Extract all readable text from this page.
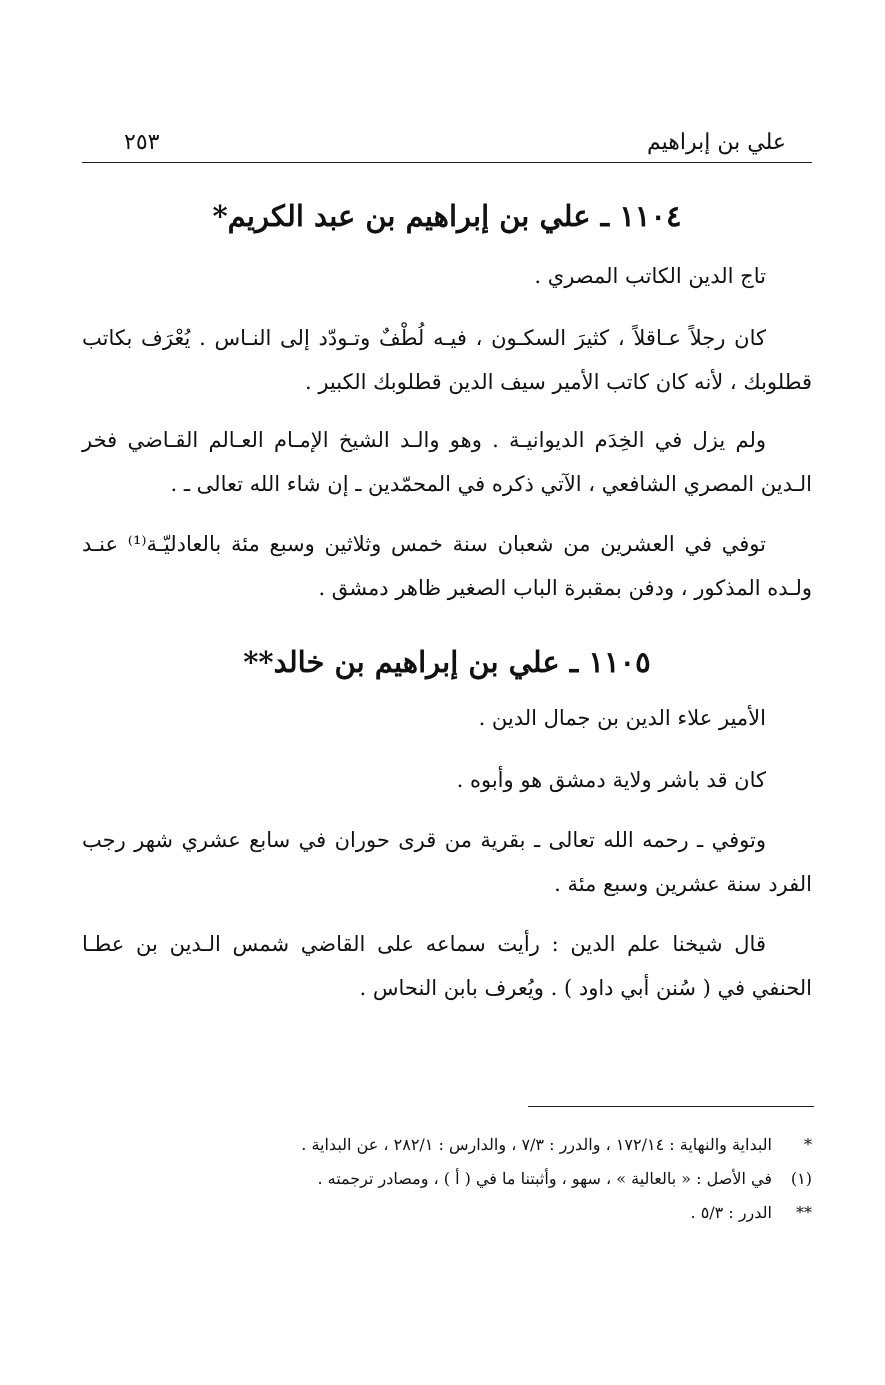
علي بن إبراهيم
٢٥٣
١١٠٤ ـ علي بن إبراهيم بن عبد الكريم*

تاج الدين الكاتب المصري .

كان رجلاً عـاقلاً ، كثيرَ السكـون ، فيـه لُطْفٌ وتـودّد إلى النـاس . يُعْرَف بكاتب قطلوبك ، لأنه كان كاتب الأمير سيف الدين قطلوبك الكبير .

ولم يزل في الخِدَم الديوانيـة . وهو والـد الشيخ الإمـام العـالم القـاضي فخر الـدين المصري الشافعي ، الآتي ذكره في المحمّدين ـ إن شاء الله تعالى ـ .

توفي في العشرين من شعبان سنة خمس وثلاثين وسبع مئة بالعادليّـة⁽¹⁾ عنـد ولـده المذكور ، ودفن بمقبرة الباب الصغير ظاهر دمشق .

١١٠٥ ـ علي بن إبراهيم بن خالد**

الأمير علاء الدين بن جمال الدين .

كان قد باشر ولاية دمشق هو وأبوه .

وتوفي ـ رحمه الله تعالى ـ بقرية من قرى حوران في سابع عشري شهر رجب الفرد سنة عشرين وسبع مئة .

قال شيخنا علم الدين : رأيت سماعه على القاضي شمس الـدين بن عطـا الحنفي في ( سُنن أبي داود ) . ويُعرف بابن النحاس .

*
البداية والنهاية : ١٧٢/١٤ ، والدرر : ٧/٣ ، والدارس : ٢٨٢/١ ، عن البداية .
(١)
في الأصل : « بالعالية » ، سهو ، وأثبتنا ما في ( أ ) ، ومصادر ترجمته .
**
الدرر : ٥/٣ .
